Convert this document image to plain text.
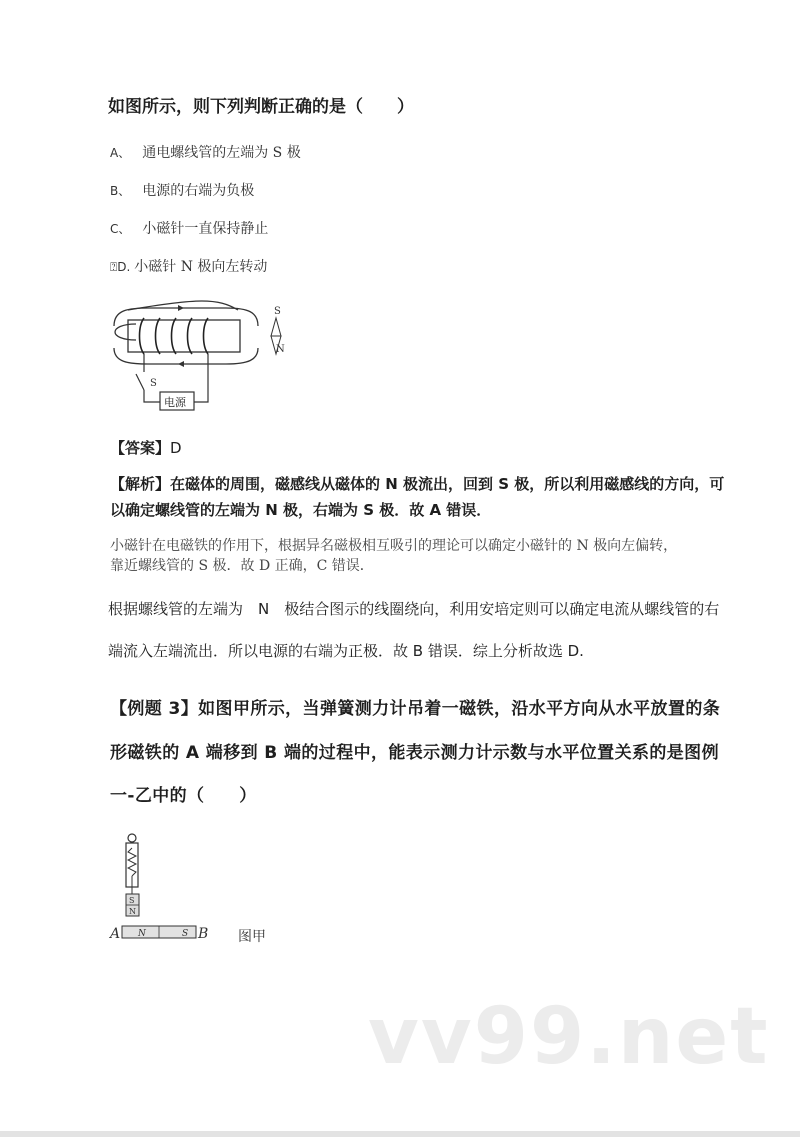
如图所示，则下列判断正确的是（　　）
A、 通电螺线管的左端为 S 极
B、 电源的右端为负极
C、 小磁针一直保持静止
⍰D. 小磁针 N 极向左转动
S
电源
S
N
【答案】D
【解析】在磁体的周围，磁感线从磁体的 N 极流出，回到 S 极，所以利用磁感线的方向，可
以确定螺线管的左端为 N 极，右端为 S 极．故 A 错误．
小磁针在电磁铁的作用下，根据异名磁极相互吸引的理论可以确定小磁针的 N 极向左偏转，
靠近螺线管的 S 极．故 D 正确，C 错误．
根据螺线管的左端为　N　极结合图示的线圈绕向，利用安培定则可以确定电流从螺线管的右
端流入左端流出．所以电源的右端为正极．故 B 错误．综上分析故选 D.
【例题 3】如图甲所示，当弹簧测力计吊着一磁铁，沿水平方向从水平放置的条
形磁铁的 A 端移到 B 端的过程中，能表示测力计示数与水平位置关系的是图例
一-乙中的（　　）
S
N
N	S
A	B 图甲
vv99.net
